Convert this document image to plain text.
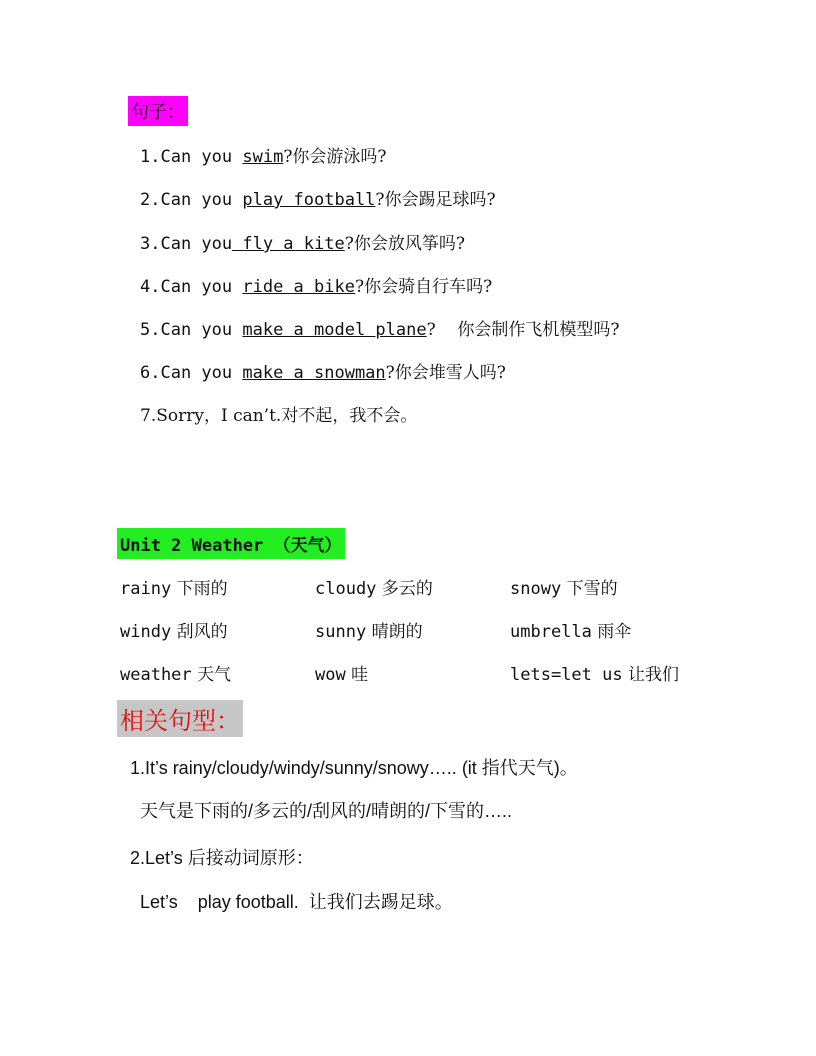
句子：
1.Can you swim?你会游泳吗?
2.Can you play football?你会踢足球吗?
3.Can you fly a kite?你会放风筝吗?
4.Can you ride a bike?你会骑自行车吗?
5.Can you make a model plane?    你会制作飞机模型吗?
6.Can you make a snowman?你会堆雪人吗?
7.Sorry，I can’t.对不起，我不会。
Unit 2 Weather （天气）
rainy 下雨的	cloudy 多云的	snowy 下雪的
windy 刮风的	sunny 晴朗的	umbrella 雨伞
weather 天气	wow 哇	lets=let us 让我们
相关句型：
1.It’s rainy/cloudy/windy/sunny/snowy….. (it 指代天气)。
天气是下雨的/多云的/刮风的/晴朗的/下雪的…..
2.Let’s 后接动词原形：
Let’s    play football.  让我们去踢足球。
